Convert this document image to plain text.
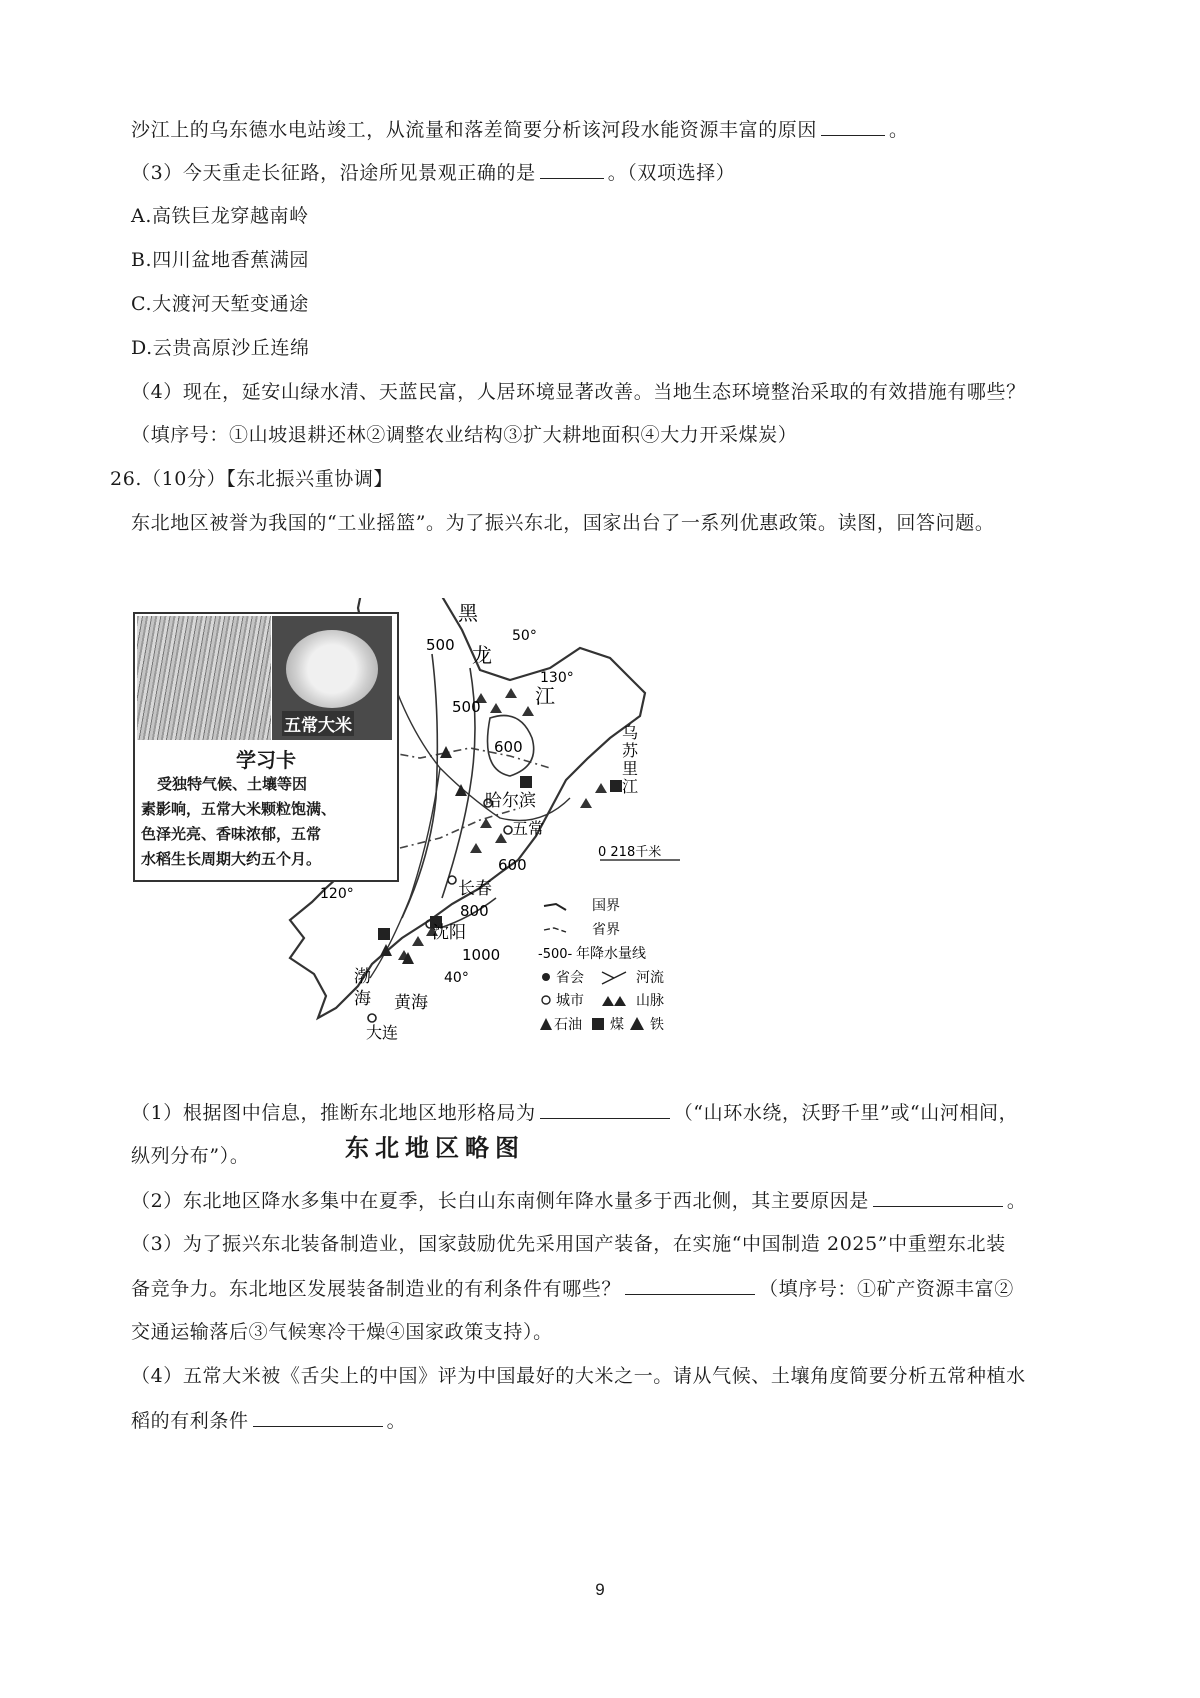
沙江上的乌东德水电站竣工，从流量和落差简要分析该河段水能资源丰富的原因	。
（3）今天重走长征路，沿途所见景观正确的是	。（双项选择）
A.高铁巨龙穿越南岭
B.四川盆地香蕉满园
C.大渡河天堑变通途
D.云贵高原沙丘连绵
（4）现在，延安山绿水清、天蓝民富，人居环境显著改善。当地生态环境整治采取的有效措施有哪些？
（填序号：①山坡退耕还林②调整农业结构③扩大耕地面积④大力开采煤炭）
26.（10分）【东北振兴重协调】
东北地区被誉为我国的“工业摇篮”。为了振兴东北，国家出台了一系列优惠政策。读图，回答问题。
黑
龙
江
乌
苏
里
江
哈尔滨
五常
长春
沈阳
大连
500
500
600
600
800
1000
50°
130°
120°
40°
渤
海 黄海
0 218千米
国界
省界
-500- 年降水量线
省会	河流
城市	山脉
石油 煤 铁
五常大米
学习卡
受独特气候、土壤等因
素影响，五常大米颗粒饱满、
色泽光亮、香味浓郁，五常
水稻生长周期大约五个月。
东北地区略图
（1）根据图中信息，推断东北地区地形格局为	（“山环水绕，沃野千里”或“山河相间，
纵列分布”）。
（2）东北地区降水多集中在夏季，长白山东南侧年降水量多于西北侧，其主要原因是	。
（3）为了振兴东北装备制造业，国家鼓励优先采用国产装备，在实施“中国制造 2025”中重塑东北装
备竞争力。东北地区发展装备制造业的有利条件有哪些？	（填序号：①矿产资源丰富②
交通运输落后③气候寒冷干燥④国家政策支持）。
（4）五常大米被《舌尖上的中国》评为中国最好的大米之一。请从气候、土壤角度简要分析五常种植水
稻的有利条件	。
9
